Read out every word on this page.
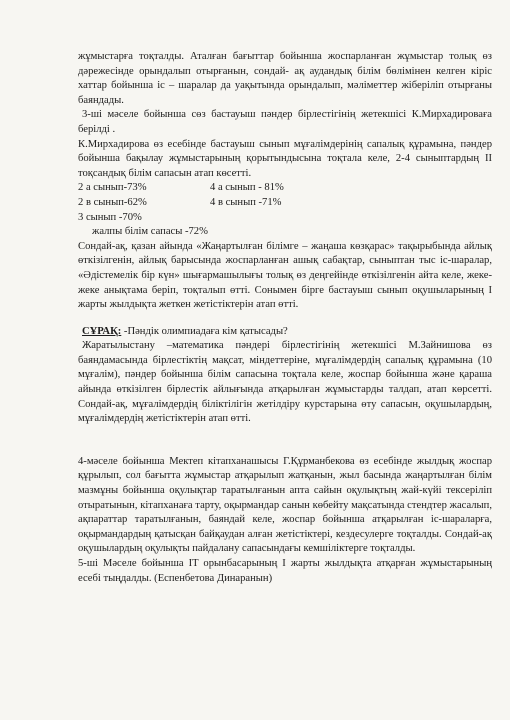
жұмыстарға тоқталды. Аталған бағыттар бойынша жоспарланған жұмыстар толық өз дәрежесінде орындалып отырғанын, сондай- ақ аудандық білім бөлімінен келген кіріс хаттар бойынша іс – шаралар да уақытында орындалып, мәліметтер жіберіліп отырғаны баяндады.

3-ші мәселе бойынша сөз бастауыш пәндер бірлестігінің жетекшісі К.Мирхадироваға берілді .

К.Мирхадирова өз есебінде бастауыш сынып мұғалімдерінің сапалық құрамына, пәндер бойынша бақылау жұмыстарының қорытындысына тоқтала келе, 2-4 сыныптардың II тоқсандық білім сапасын атап көсетті.

2 а сынып-73%	4 а сынып - 81%
2 в сынып-62%	4 в сынып -71%
3 сынып -70%
жалпы білім сапасы -72%

Сондай-ақ, қазан айында «Жаңартылған білімге – жаңаша көзқарас» тақырыбында айлық өткізілгенін, айлық барысында жоспарланған ашық сабақтар, сыныптан тыс іс-шаралар, «Әдістемелік бір күн» шығармашылығы толық өз деңгейінде өткізілгенін айта келе, жеке-жеке анықтама беріп, тоқталып өтті. Сонымен бірге бастауыш сынып оқушыларының I жарты жылдықта жеткен жетістіктерін атап өтті.

СҰРАҚ: -Пәндік олимпиадаға кім қатысады?

Жаратылыстану –математика пәндері бірлестігінің жетекшісі М.Зайнишова өз баяндамасында бірлестіктің мақсат, міндеттеріне, мұғалімдердің сапалық құрамына (10 мұғалім), пәндер бойынша білім сапасына тоқтала келе, жоспар бойынша және қараша айында өткізілген бірлестік айлығында атқарылған жұмыстарды талдап, атап көрсетті. Сондай-ақ, мұғалімдердің біліктілігін жетілдіру курстарына өту сапасын, оқушылардың, мұғалімдердің жетістіктерін атап өтті.

4-мәселе бойынша Мектеп кітапханашысы Г.Құрманбекова өз есебінде жылдық жоспар құрылып, сол бағытта жұмыстар атқарылып жатқанын, жыл басында жаңартылған білім мазмұны бойынша оқулықтар таратылғанын апта сайын оқулықтың жай-күйі тексерiлiп отыратынын, кітапханаға тарту, оқырмандар санын көбейту мақсатында стендтер жасалып, ақпараттар таратылғанын, баяндай келе, жоспар бойынша атқарылған іс-шараларға, оқырмандардың қатысқан байқаудан алған жетістіктері, кездесулерге тоқталды. Сондай-ақ оқушылардың оқулықты пайдалану сапасындағы кемшіліктерге тоқталды.

5-ші Мәселе бойынша IT орынбасарының I жарты жылдықта атқарған жұмыстарының есебі тыңдалды. (Еспенбетова Динаранын)
